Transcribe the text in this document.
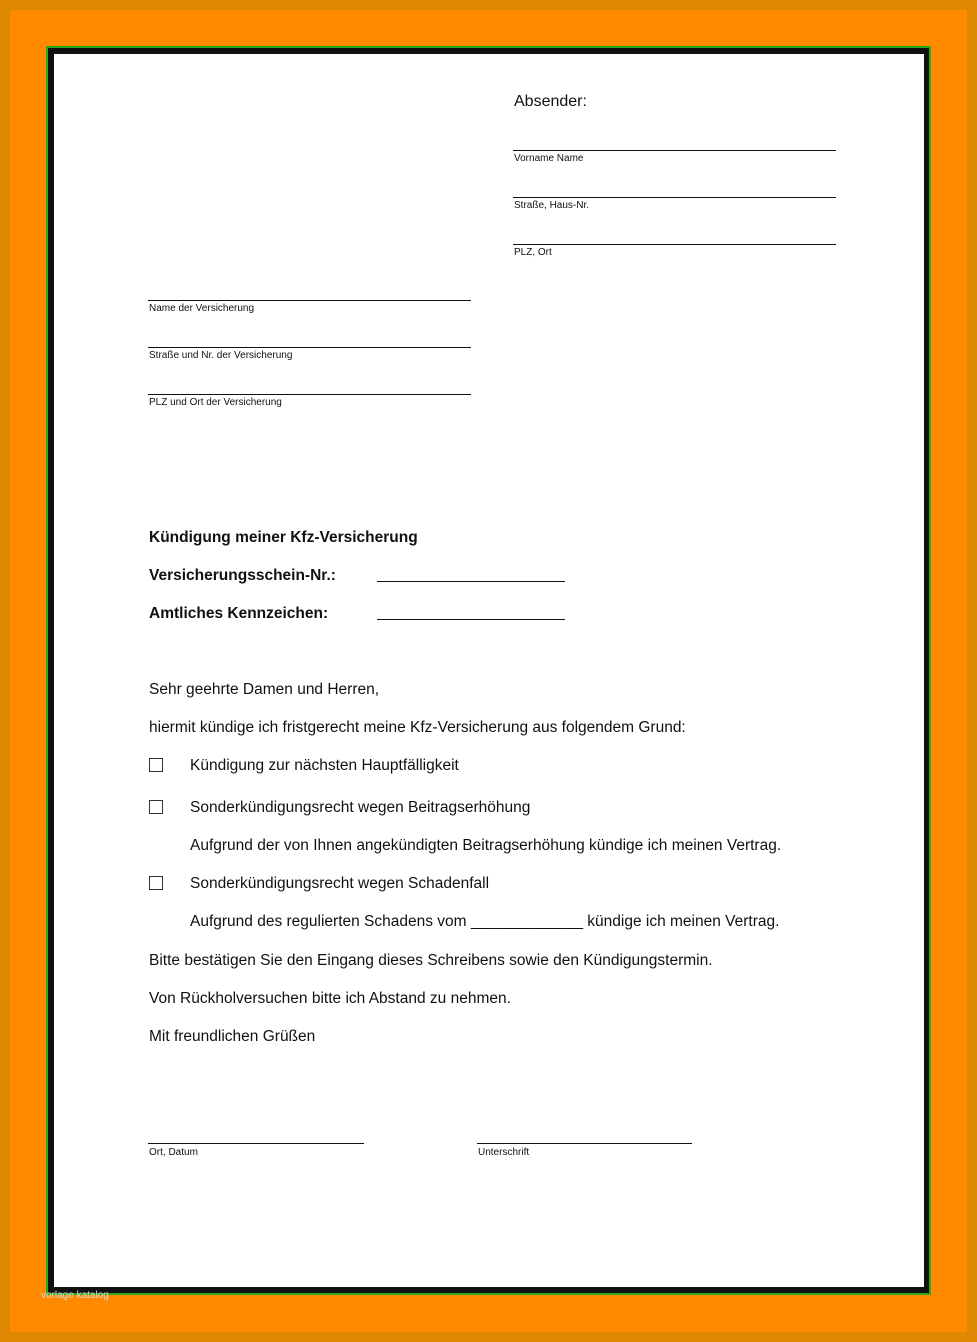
Absender:
Vorname Name
Straße, Haus-Nr.
PLZ, Ort
Name der Versicherung
Straße und Nr. der Versicherung
PLZ und Ort der Versicherung
Kündigung meiner Kfz-Versicherung
Versicherungsschein-Nr.:
Amtliches Kennzeichen:
Sehr geehrte Damen und Herren,
hiermit kündige ich fristgerecht meine Kfz-Versicherung aus folgendem Grund:
Kündigung zur nächsten Hauptfälligkeit
Sonderkündigungsrecht wegen Beitragserhöhung
Aufgrund der von Ihnen angekündigten Beitragserhöhung kündige ich meinen Vertrag.
Sonderkündigungsrecht wegen Schadenfall
Aufgrund des regulierten Schadens vom _____________ kündige ich meinen Vertrag.
Bitte bestätigen Sie den Eingang dieses Schreibens sowie den Kündigungstermin.
Von Rückholversuchen bitte ich Abstand zu nehmen.
Mit freundlichen Grüßen
Ort, Datum	Unterschrift
vorlage katalog
